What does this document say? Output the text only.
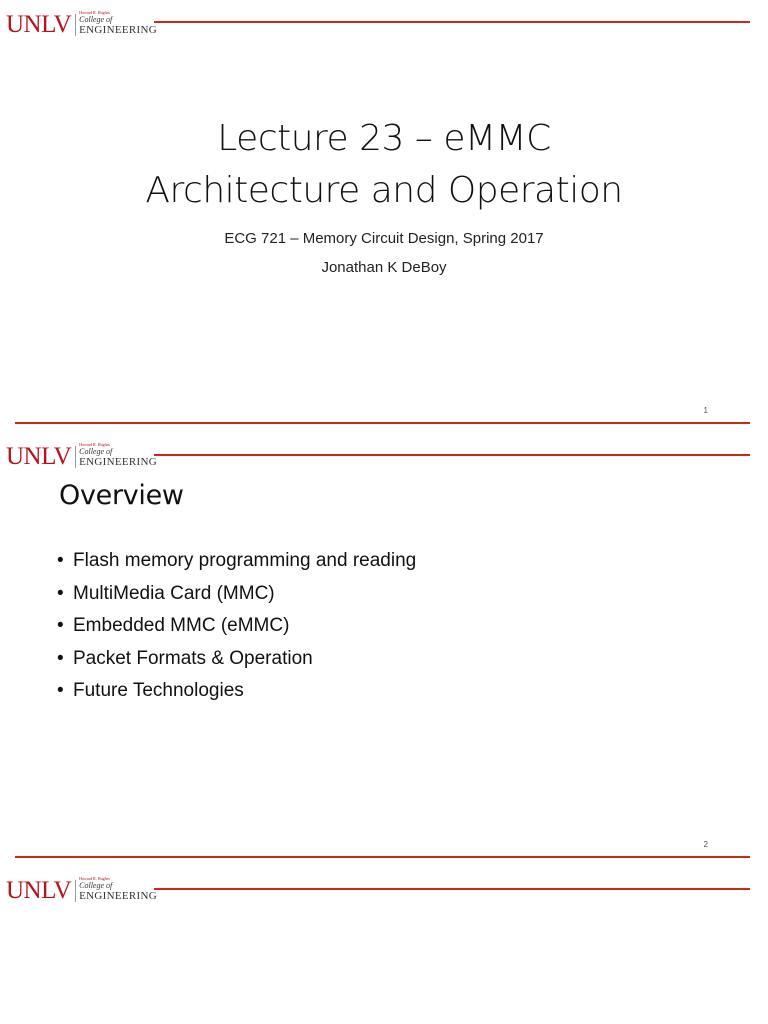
UNLV Howard R. Hughes
College of
ENGINEERING
Lecture 23 – eMMC
Architecture and Operation
ECG 721 – Memory Circuit Design, Spring 2017
Jonathan K DeBoy
1
UNLV Howard R. Hughes
College of
ENGINEERING
Overview
• Flash memory programming and reading
• MultiMedia Card (MMC)
• Embedded MMC (eMMC)
• Packet Formats & Operation
• Future Technologies
2
UNLV Howard R. Hughes
College of
ENGINEERING
